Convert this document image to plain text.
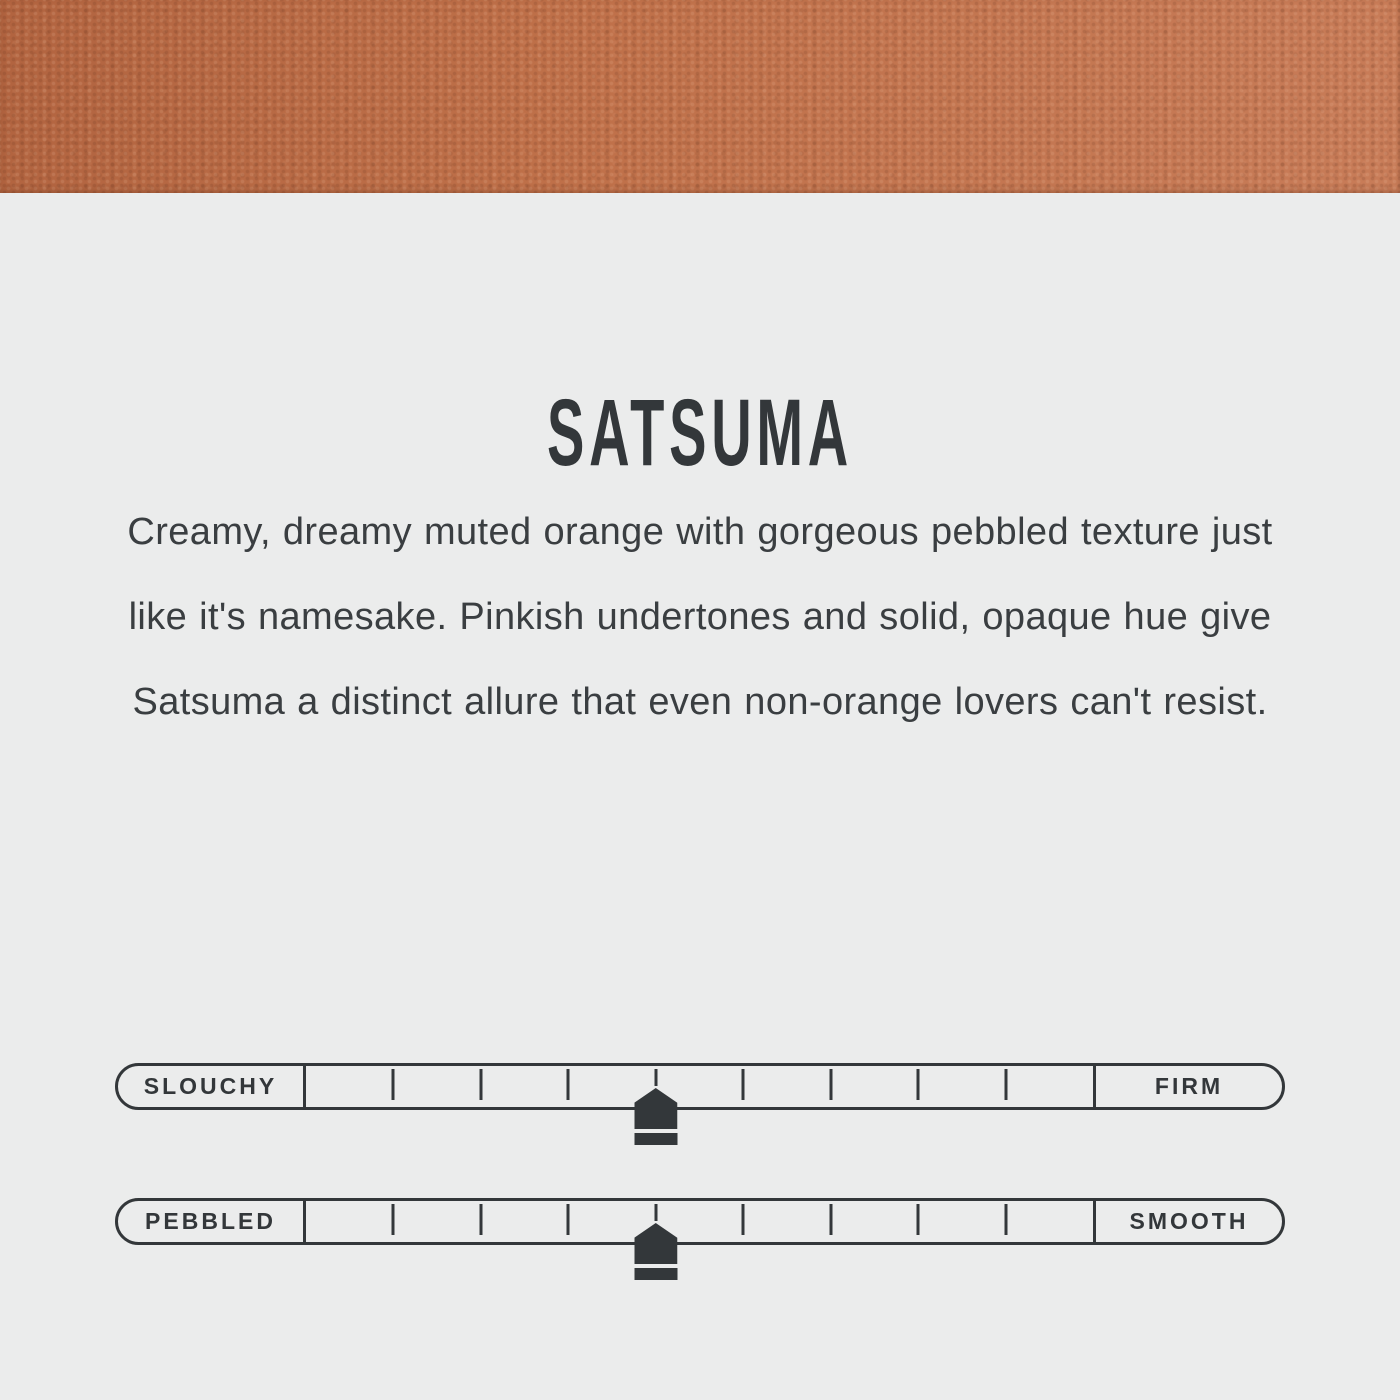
SATSUMA
Creamy, dreamy muted orange with gorgeous pebbled texture just
like it's namesake. Pinkish undertones and solid, opaque hue give
Satsuma a distinct allure that even non-orange lovers can't resist.
SLOUCHY	FIRM
PEBBLED	SMOOTH
